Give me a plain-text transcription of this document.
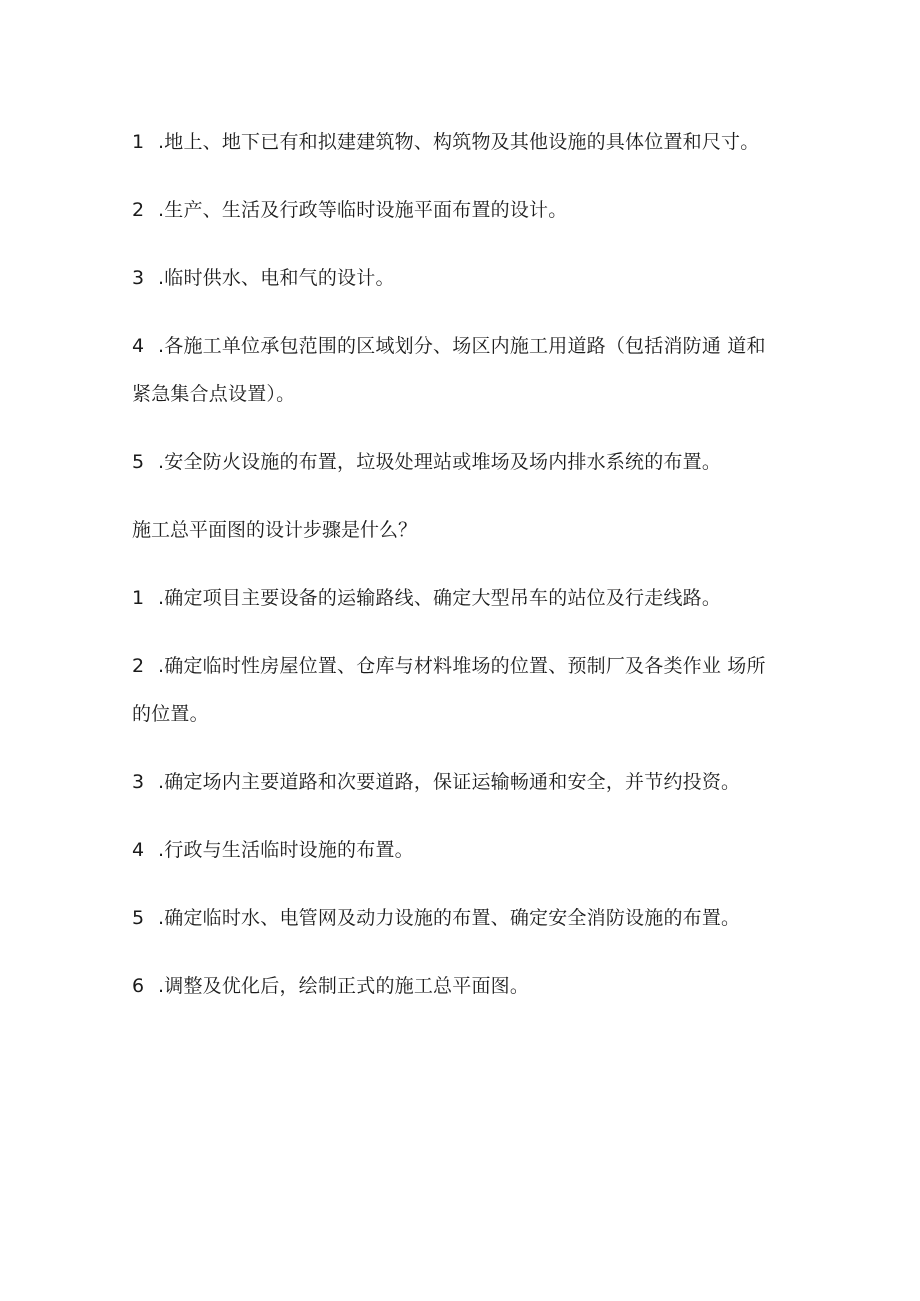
1 .地上、地下已有和拟建建筑物、构筑物及其他设施的具体位置和尺寸。
2 .生产、生活及行政等临时设施平面布置的设计。
3 .临时供水、电和气的设计。
4 .各施工单位承包范围的区域划分、场区内施工用道路（包括消防通 道和紧急集合点设置）。
5 .安全防火设施的布置，垃圾处理站或堆场及场内排水系统的布置。
施工总平面图的设计步骤是什么？
1 .确定项目主要设备的运输路线、确定大型吊车的站位及行走线路。
2 .确定临时性房屋位置、仓库与材料堆场的位置、预制厂及各类作业 场所的位置。
3 .确定场内主要道路和次要道路，保证运输畅通和安全，并节约投资。
4 .行政与生活临时设施的布置。
5 .确定临时水、电管网及动力设施的布置、确定安全消防设施的布置。
6 .调整及优化后，绘制正式的施工总平面图。
